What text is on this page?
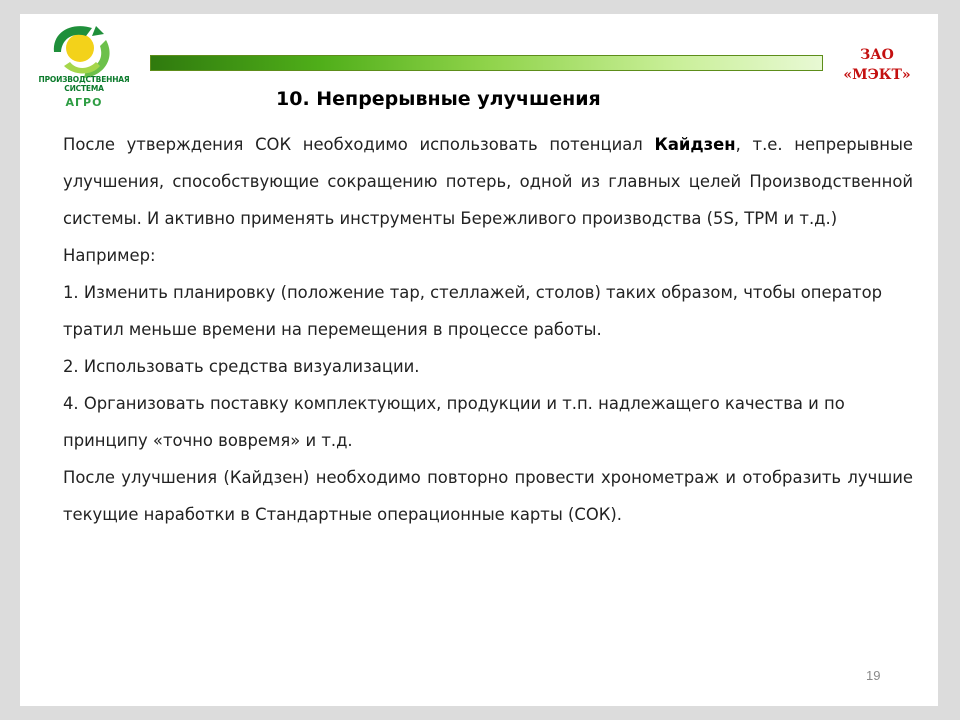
ПРОИЗВОДСТВЕННАЯ
СИСТЕМА
АГРО
ЗАО
«МЭКТ»
10. Непрерывные улучшения

После утверждения СОК необходимо использовать потенциал Кайдзен, т.е. непрерывные улучшения, способствующие сокращению потерь, одной из главных целей Производственной системы. И активно применять инструменты Бережливого производства (5S, TPM и т.д.)

Например:

1. Изменить планировку (положение тар, стеллажей, столов) таких образом, чтобы оператор тратил меньше времени на перемещения в процессе работы.

2. Использовать средства визуализации.

4. Организовать поставку комплектующих, продукции и т.п. надлежащего качества и по принципу «точно вовремя» и т.д.

После улучшения (Кайдзен) необходимо повторно провести хронометраж и отобразить лучшие текущие наработки в Стандартные операционные карты (СОК).

19
